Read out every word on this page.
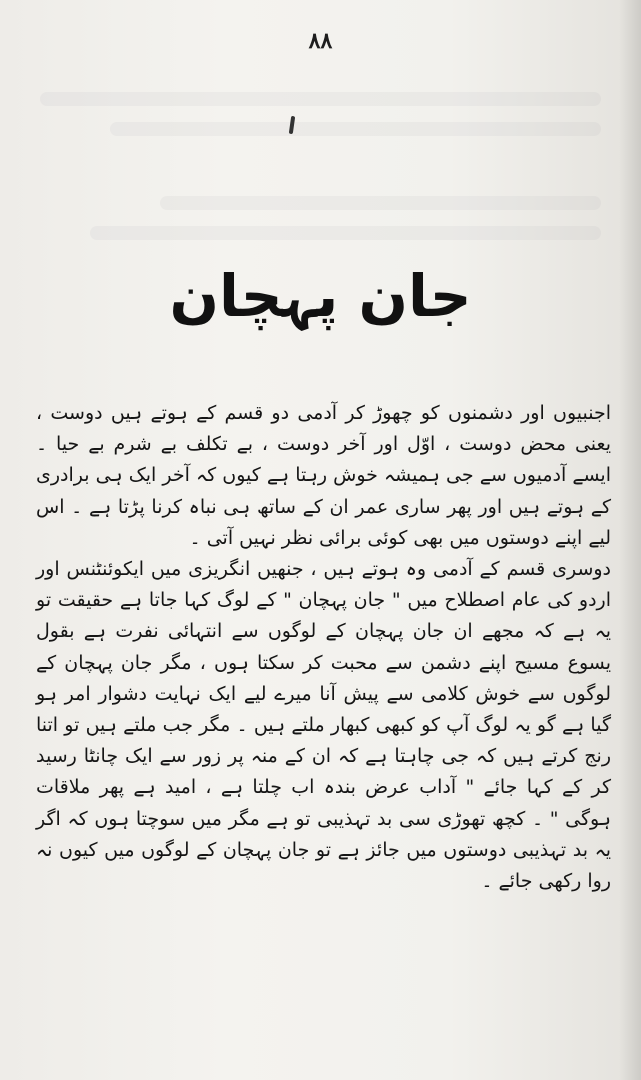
۸۸
جان پہچان

اجنبیوں اور دشمنوں کو چھوڑ کر آدمی دو قسم کے ہوتے ہیں دوست ، یعنی محض دوست ، اوّل اور آخر دوست ، بے تکلف بے شرم بے حیا ۔ ایسے آدمیوں سے جی ہمیشہ خوش رہتا ہے کیوں کہ آخر ایک ہی برادری کے ہوتے ہیں اور پھر ساری عمر ان کے ساتھ ہی نباہ کرنا پڑتا ہے ۔ اس لیے اپنے دوستوں میں بھی کوئی برائی نظر نہیں آتی ۔

دوسری قسم کے آدمی وہ ہوتے ہیں ، جنھیں انگریزی میں ایکوئنٹنس اور اردو کی عام اصطلاح میں " جان پہچان " کے لوگ کہا جاتا ہے حقیقت تو یہ ہے کہ مجھے ان جان پہچان کے لوگوں سے انتہائی نفرت ہے بقول یسوع مسیح اپنے دشمن سے محبت کر سکتا ہوں ، مگر جان پہچان کے لوگوں سے خوش کلامی سے پیش آنا میرے لیے ایک نہایت دشوار امر ہو گیا ہے گو یہ لوگ آپ کو کبھی کبھار ملتے ہیں ۔ مگر جب ملتے ہیں تو اتنا رنج کرتے ہیں کہ جی چاہتا ہے کہ ان کے منہ پر زور سے ایک چانٹا رسید کر کے کہا جائے " آداب عرض بندہ اب چلتا ہے ، امید ہے پھر ملاقات ہوگی " ۔ کچھ تھوڑی سی بد تہذیبی تو ہے مگر میں سوچتا ہوں کہ اگر یہ بد تہذیبی دوستوں میں جائز ہے تو جان پہچان کے لوگوں میں کیوں نہ روا رکھی جائے ۔
